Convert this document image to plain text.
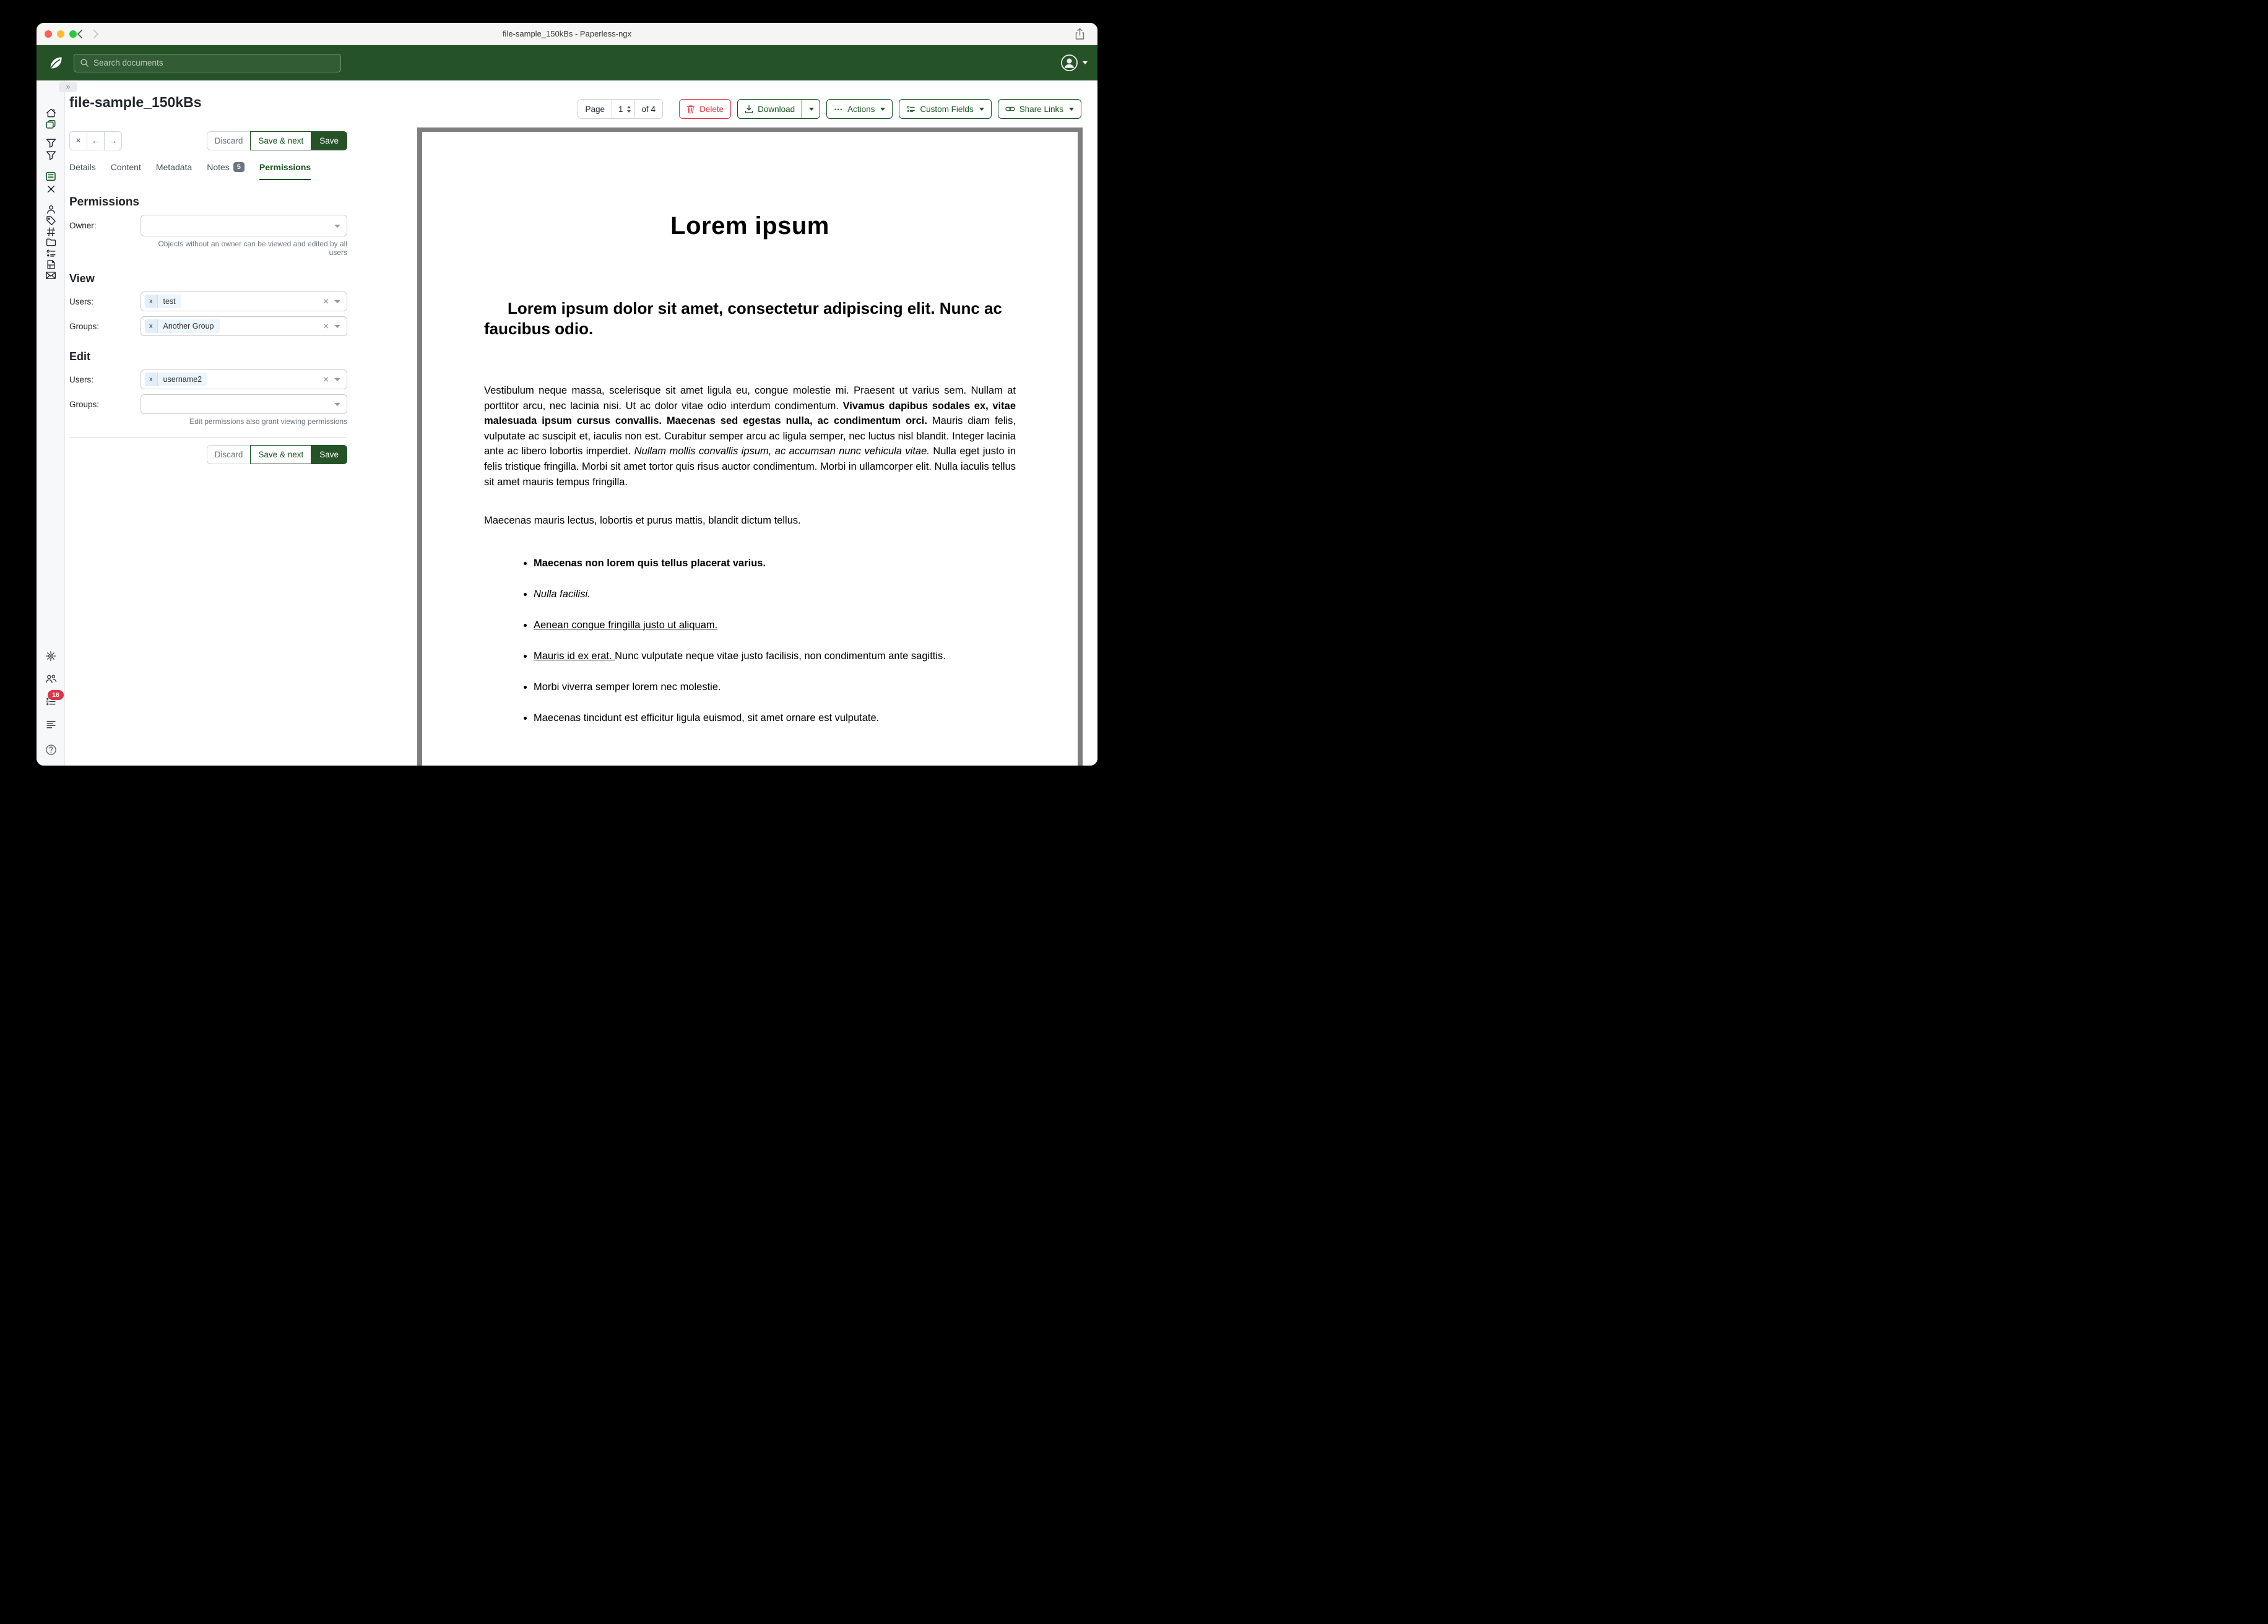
file-sample_150kBs - Paperless-ngx
Search documents
»
16
file-sample_150kBs
✕	←	→	Discard	Save & next	Save
Details Content Metadata Notes	5	Permissions
Permissions
Owner:
Objects without an owner can be viewed and edited by all users
View
Users:	x	test	✕
Groups:	x	Another Group	✕
Edit
Users:	x	username2	✕
Groups:
Edit permissions also grant viewing permissions
Discard	Save & next	Save
Page	1	of 4	Delete	Download	⋯ Actions	Custom Fields	Share Links
Lorem ipsum
Lorem ipsum dolor sit amet, consectetur adipiscing elit. Nunc ac faucibus odio.

Vestibulum neque massa, scelerisque sit amet ligula eu, congue molestie mi. Praesent ut varius sem. Nullam at porttitor arcu, nec lacinia nisi. Ut ac dolor vitae odio interdum condimentum. Vivamus dapibus sodales ex, vitae malesuada ipsum cursus convallis. Maecenas sed egestas nulla, ac condimentum orci. Mauris diam felis, vulputate ac suscipit et, iaculis non est. Curabitur semper arcu ac ligula semper, nec luctus nisl blandit. Integer lacinia ante ac libero lobortis imperdiet. Nullam mollis convallis ipsum, ac accumsan nunc vehicula vitae. Nulla eget justo in felis tristique fringilla. Morbi sit amet tortor quis risus auctor condimentum. Morbi in ullamcorper elit. Nulla iaculis tellus sit amet mauris tempus fringilla.

Maecenas mauris lectus, lobortis et purus mattis, blandit dictum tellus.

• Maecenas non lorem quis tellus placerat varius.
• Nulla facilisi.
• Aenean congue fringilla justo ut aliquam.
• Mauris id ex erat. Nunc vulputate neque vitae justo facilisis, non condimentum ante sagittis.
• Morbi viverra semper lorem nec molestie.
• Maecenas tincidunt est efficitur ligula euismod, sit amet ornare est vulputate.
